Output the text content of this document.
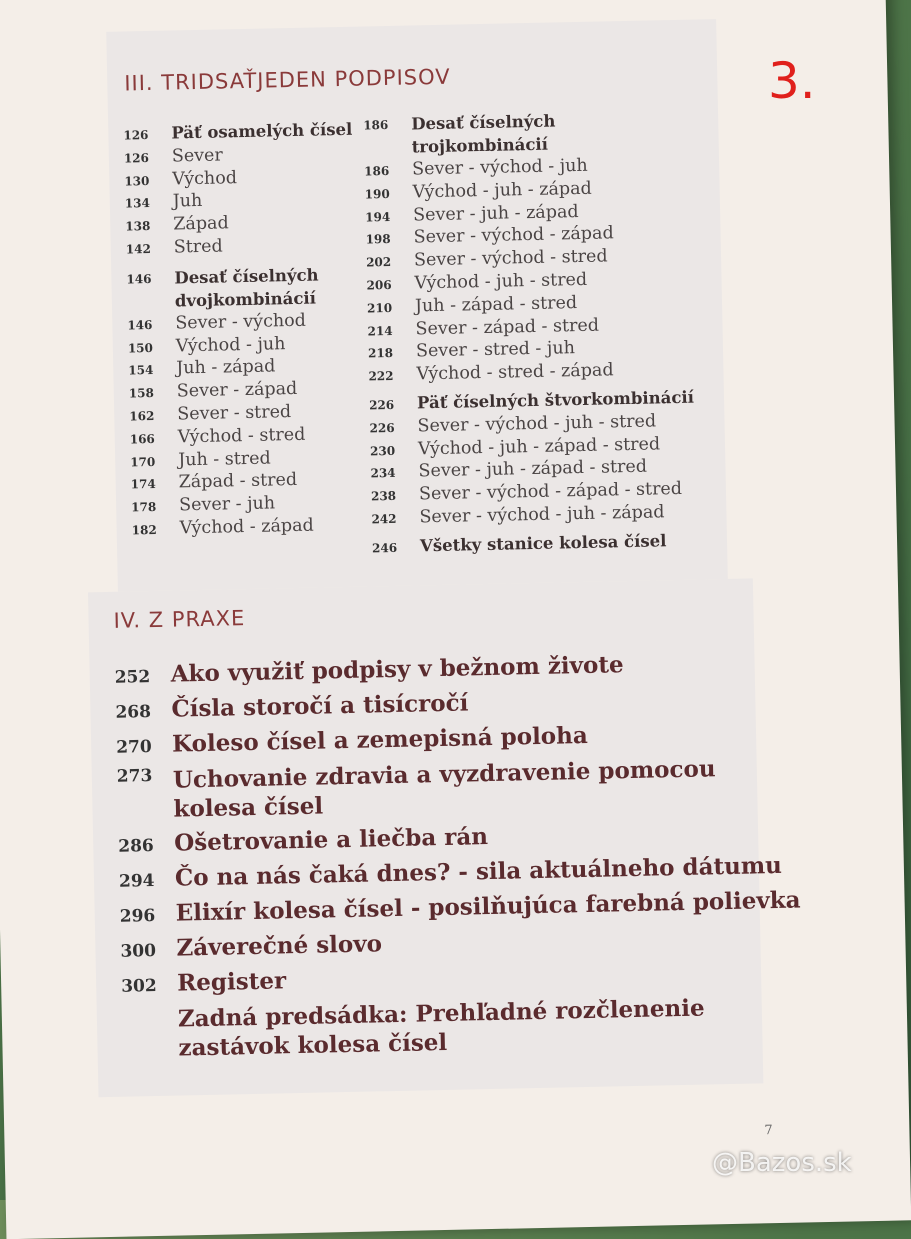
III. TRIDSAŤJEDEN PODPISOV
126	Päť osamelých čísel
126	Sever
130	Východ
134	Juh
138	Západ
142	Stred
146	Desať číselných dvojkombinácií
146	Sever - východ
150	Východ - juh
154	Juh - západ
158	Sever - západ
162	Sever - stred
166	Východ - stred
170	Juh - stred
174	Západ - stred
178	Sever - juh
182	Východ - západ
186	Desať číselných trojkombinácií
186	Sever - východ - juh
190	Východ - juh - západ
194	Sever - juh - západ
198	Sever - východ - západ
202	Sever - východ - stred
206	Východ - juh - stred
210	Juh - západ - stred
214	Sever - západ - stred
218	Sever - stred - juh
222	Východ - stred - západ
226	Päť číselných štvorkombinácií
226	Sever - východ - juh - stred
230	Východ - juh - západ - stred
234	Sever - juh - západ - stred
238	Sever - východ - západ - stred
242	Sever - východ - juh - západ
246	Všetky stanice kolesa čísel
IV. Z PRAXE
252 Ako využiť podpisy v bežnom živote
268 Čísla storočí a tisícročí
270 Koleso čísel a zemepisná poloha
273 Uchovanie zdravia a vyzdravenie pomocou kolesa čísel
286 Ošetrovanie a liečba rán
294 Čo na nás čaká dnes? - sila aktuálneho dátumu
296 Elixír kolesa čísel - posilňujúca farebná polievka
300 Záverečné slovo
302 Register
Zadná predsádka: Prehľadné rozčlenenie zastávok kolesa čísel
7
3.
@Bazos.sk
